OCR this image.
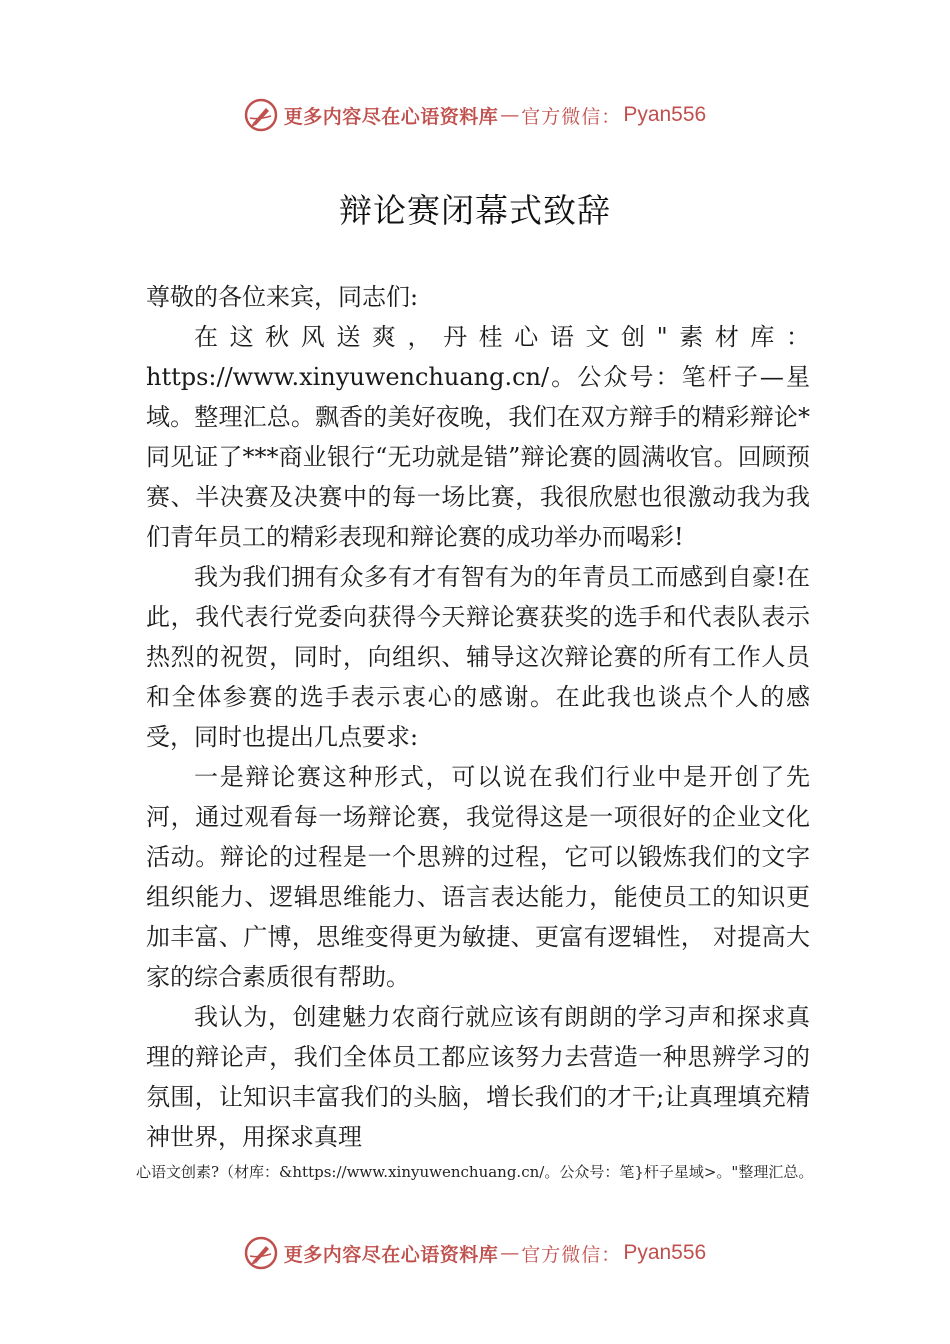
更多内容尽在心语资料库 — 官方微信： Pyan556
辩论赛闭幕式致辞

尊敬的各位来宾，同志们:

在这秋风送爽，丹桂心语文创"素材库：https://www.xinyuwenchuang.cn/。公众号：笔杆子—星域。整理汇总。飘香的美好夜晚，我们在双方辩手的精彩辩论*同见证了***商业银行“无功就是错”辩论赛的圆满收官。回顾预赛、半决赛及决赛中的每一场比赛，我很欣慰也很激动我为我们青年员工的精彩表现和辩论赛的成功举办而喝彩!

我为我们拥有众多有才有智有为的年青员工而感到自豪!在此，我代表行党委向获得今天辩论赛获奖的选手和代表队表示热烈的祝贺，同时，向组织、辅导这次辩论赛的所有工作人员和全体参赛的选手表示衷心的感谢。在此我也谈点个人的感受，同时也提出几点要求:

一是辩论赛这种形式，可以说在我们行业中是开创了先河，通过观看每一场辩论赛，我觉得这是一项很好的企业文化活动。辩论的过程是一个思辨的过程，它可以锻炼我们的文字组织能力、逻辑思维能力、语言表达能力，能使员工的知识更加丰富、广博，思维变得更为敏捷、更富有逻辑性， 对提高大家的综合素质很有帮助。

我认为，创建魅力农商行就应该有朗朗的学习声和探求真理的辩论声，我们全体员工都应该努力去营造一种思辨学习的氛围，让知识丰富我们的头脑，增长我们的才干;让真理填充精神世界，用探求真理

心语文创素?（材库：&https://www.xinyuwenchuang.cn/。公众号：笔}杆子星域>。"整理汇总。
更多内容尽在心语资料库 — 官方微信： Pyan556
